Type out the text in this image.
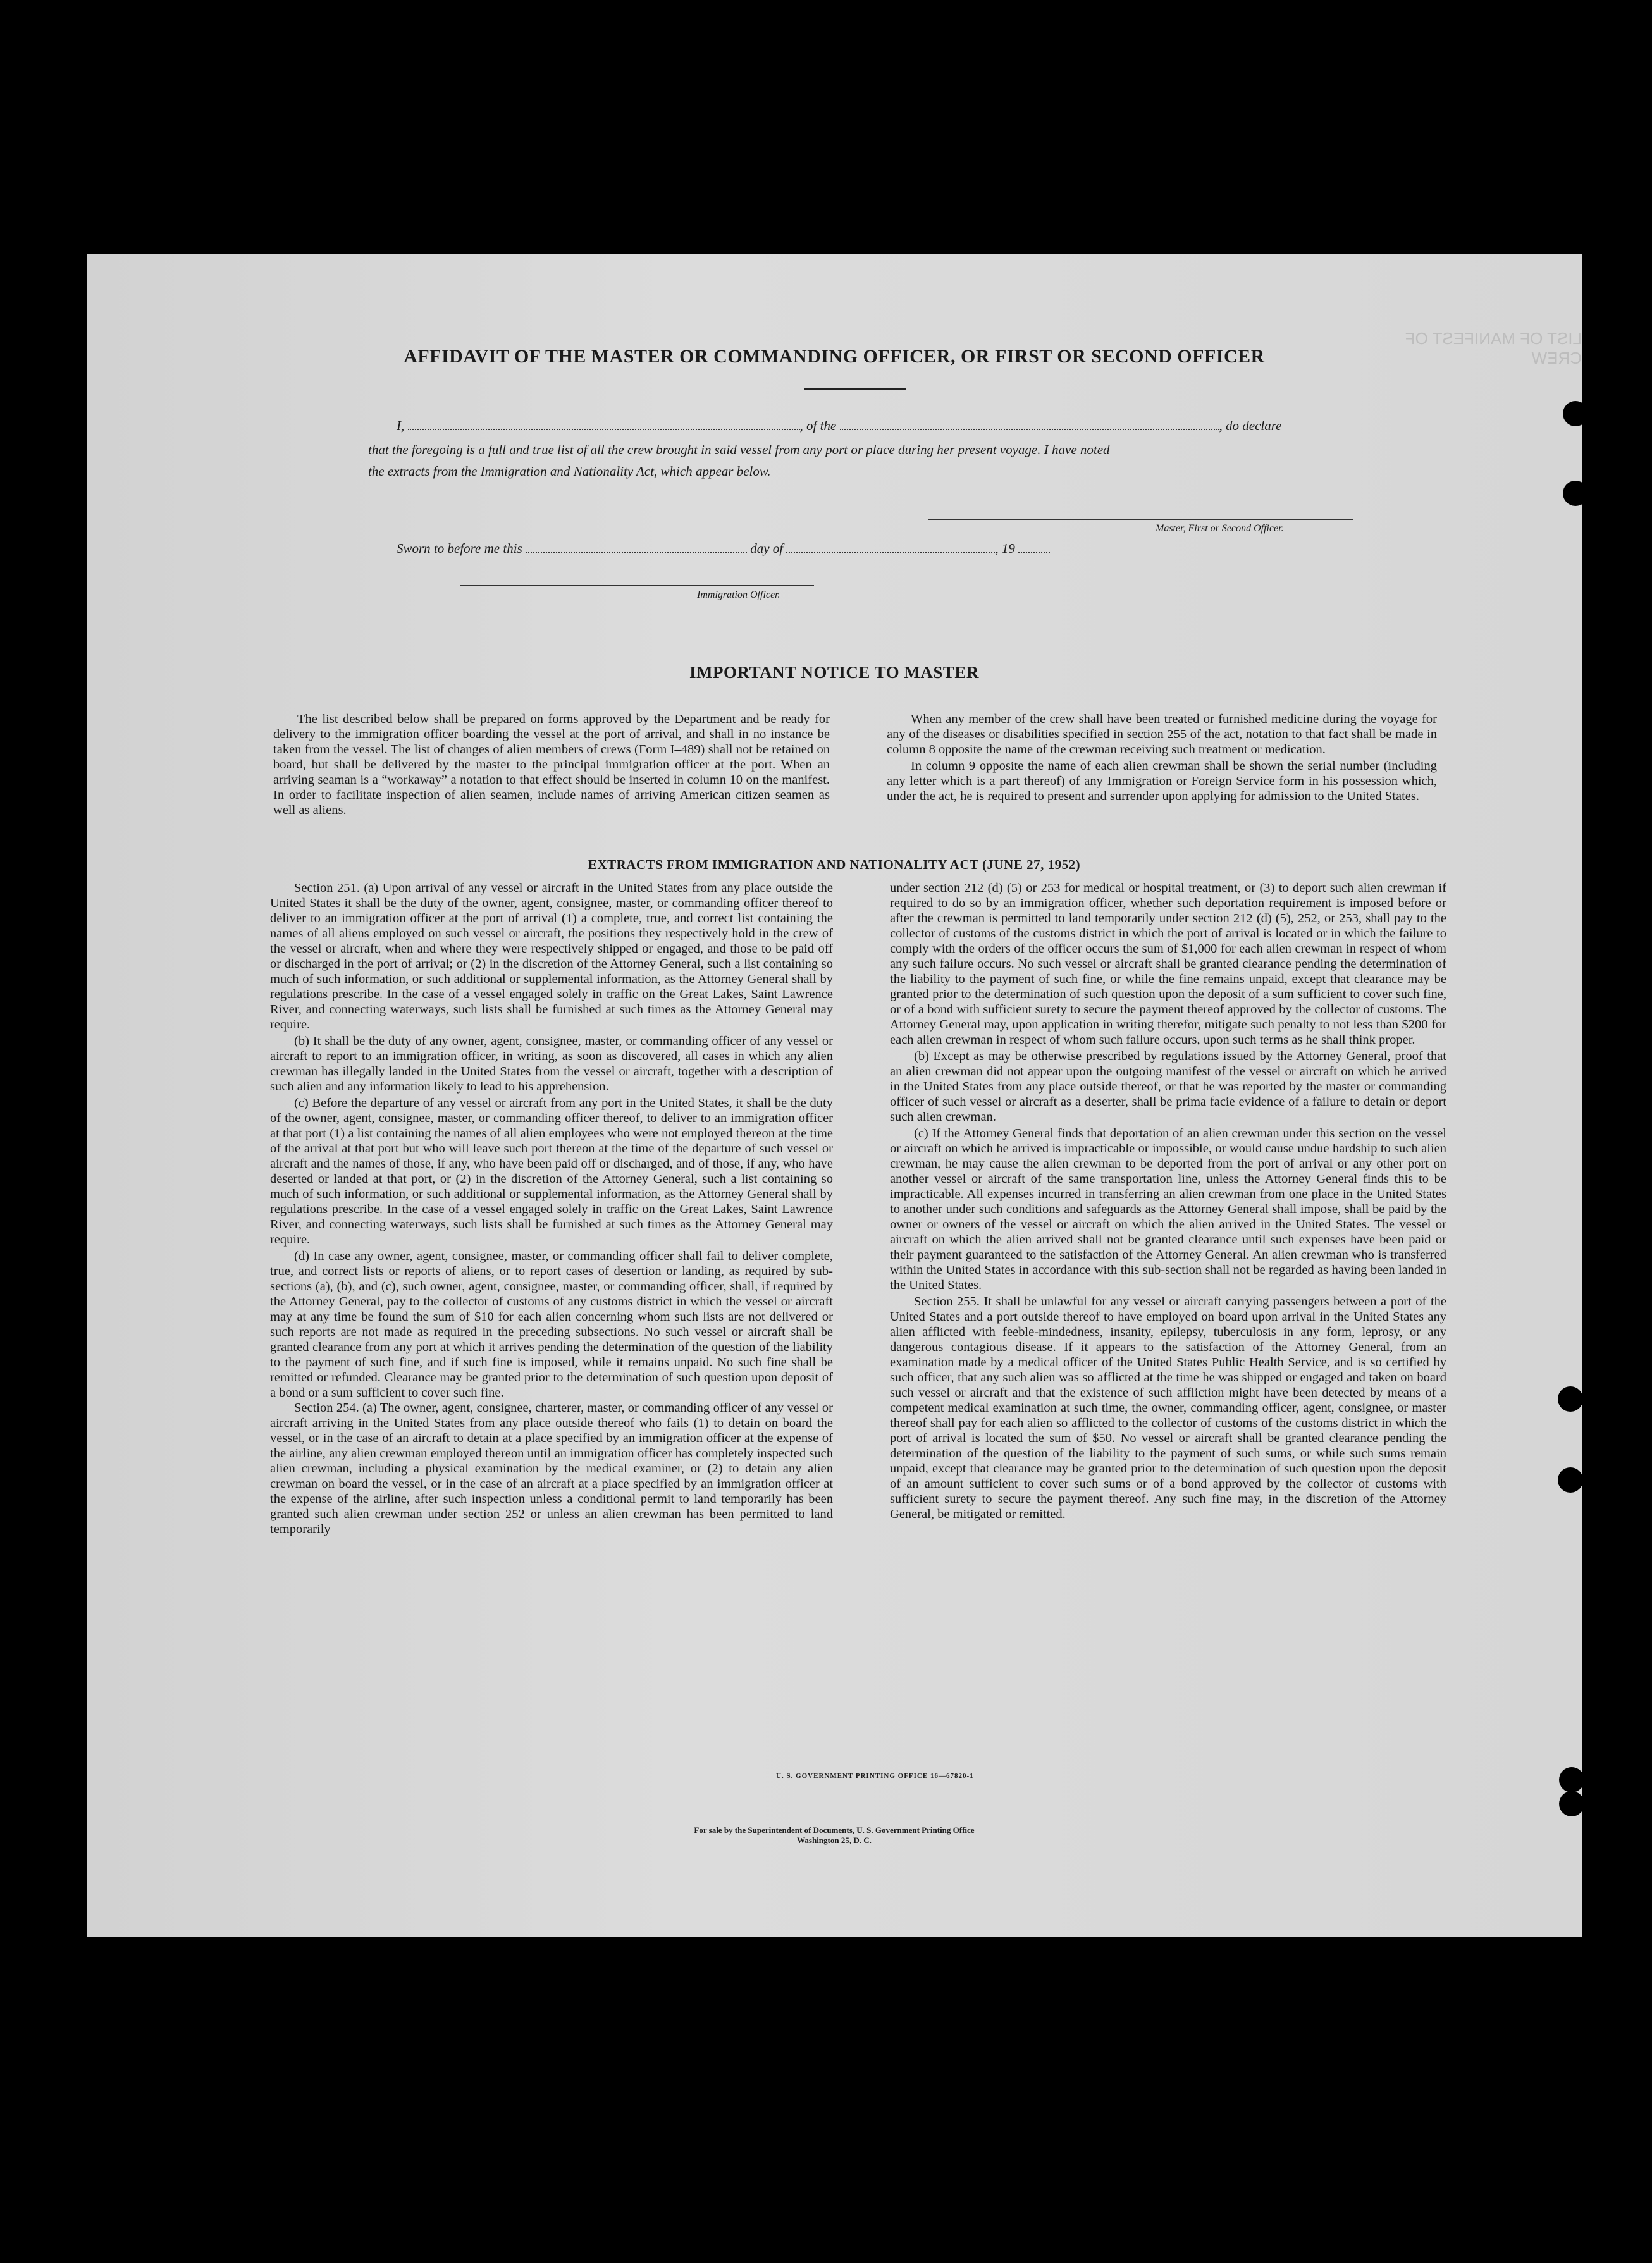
LIST OF MANIFEST OF CREW
AFFIDAVIT OF THE MASTER OR COMMANDING OFFICER, OR FIRST OR SECOND OFFICER
I,	, of the	, do declare
that the foregoing is a full and true list of all the crew brought in said vessel from any port or place during her present voyage. I have noted
the extracts from the Immigration and Nationality Act, which appear below.
Master, First or Second Officer.
Sworn to before me this	day of	, 19
Immigration Officer.
IMPORTANT NOTICE TO MASTER

The list described below shall be prepared on forms approved by the Department and be ready for delivery to the immigration officer boarding the vessel at the port of arrival, and shall in no instance be taken from the vessel. The list of changes of alien members of crews (Form I–489) shall not be retained on board, but shall be delivered by the master to the principal immigration officer at the port. When an arriving seaman is a “workaway” a notation to that effect should be inserted in column 10 on the manifest. In order to facilitate inspection of alien seamen, include names of arriving American citizen seamen as well as aliens.

When any member of the crew shall have been treated or furnished medicine during the voyage for any of the diseases or disabilities specified in section 255 of the act, notation to that fact shall be made in column 8 opposite the name of the crewman receiving such treatment or medication.

In column 9 opposite the name of each alien crewman shall be shown the serial number (including any letter which is a part thereof) of any Immigration or Foreign Service form in his possession which, under the act, he is required to present and surrender upon applying for admission to the United States.

EXTRACTS FROM IMMIGRATION AND NATIONALITY ACT (JUNE 27, 1952)

Section 251. (a) Upon arrival of any vessel or aircraft in the United States from any place outside the United States it shall be the duty of the owner, agent, consignee, master, or commanding officer thereof to deliver to an immigration officer at the port of arrival (1) a complete, true, and correct list containing the names of all aliens employed on such vessel or aircraft, the positions they respectively hold in the crew of the vessel or aircraft, when and where they were respectively shipped or engaged, and those to be paid off or discharged in the port of arrival; or (2) in the discretion of the Attorney General, such a list containing so much of such information, or such additional or supplemental information, as the Attorney General shall by regulations prescribe. In the case of a vessel engaged solely in traffic on the Great Lakes, Saint Lawrence River, and connecting waterways, such lists shall be furnished at such times as the Attorney General may require.

(b) It shall be the duty of any owner, agent, consignee, master, or commanding officer of any vessel or aircraft to report to an immigration officer, in writing, as soon as discovered, all cases in which any alien crewman has illegally landed in the United States from the vessel or aircraft, together with a description of such alien and any information likely to lead to his apprehension.

(c) Before the departure of any vessel or aircraft from any port in the United States, it shall be the duty of the owner, agent, consignee, master, or commanding officer thereof, to deliver to an immigration officer at that port (1) a list containing the names of all alien employees who were not employed thereon at the time of the arrival at that port but who will leave such port thereon at the time of the departure of such vessel or aircraft and the names of those, if any, who have been paid off or discharged, and of those, if any, who have deserted or landed at that port, or (2) in the discretion of the Attorney General, such a list containing so much of such information, or such additional or supplemental information, as the Attorney General shall by regulations prescribe. In the case of a vessel engaged solely in traffic on the Great Lakes, Saint Lawrence River, and connecting waterways, such lists shall be furnished at such times as the Attorney General may require.

(d) In case any owner, agent, consignee, master, or commanding officer shall fail to deliver complete, true, and correct lists or reports of aliens, or to report cases of desertion or landing, as required by sub-sections (a), (b), and (c), such owner, agent, consignee, master, or commanding officer, shall, if required by the Attorney General, pay to the collector of customs of any customs district in which the vessel or aircraft may at any time be found the sum of $10 for each alien concerning whom such lists are not delivered or such reports are not made as required in the preceding subsections. No such vessel or aircraft shall be granted clearance from any port at which it arrives pending the determination of the question of the liability to the payment of such fine, and if such fine is imposed, while it remains unpaid. No such fine shall be remitted or refunded. Clearance may be granted prior to the determination of such question upon deposit of a bond or a sum sufficient to cover such fine.

Section 254. (a) The owner, agent, consignee, charterer, master, or commanding officer of any vessel or aircraft arriving in the United States from any place outside thereof who fails (1) to detain on board the vessel, or in the case of an aircraft to detain at a place specified by an immigration officer at the expense of the airline, any alien crewman employed thereon until an immigration officer has completely inspected such alien crewman, including a physical examination by the medical examiner, or (2) to detain any alien crewman on board the vessel, or in the case of an aircraft at a place specified by an immigration officer at the expense of the airline, after such inspection unless a conditional permit to land temporarily has been granted such alien crewman under section 252 or unless an alien crewman has been permitted to land temporarily

under section 212 (d) (5) or 253 for medical or hospital treatment, or (3) to deport such alien crewman if required to do so by an immigration officer, whether such deportation requirement is imposed before or after the crewman is permitted to land temporarily under section 212 (d) (5), 252, or 253, shall pay to the collector of customs of the customs district in which the port of arrival is located or in which the failure to comply with the orders of the officer occurs the sum of $1,000 for each alien crewman in respect of whom any such failure occurs. No such vessel or aircraft shall be granted clearance pending the determination of the liability to the payment of such fine, or while the fine remains unpaid, except that clearance may be granted prior to the determination of such question upon the deposit of a sum sufficient to cover such fine, or of a bond with sufficient surety to secure the payment thereof approved by the collector of customs. The Attorney General may, upon application in writing therefor, mitigate such penalty to not less than $200 for each alien crewman in respect of whom such failure occurs, upon such terms as he shall think proper.

(b) Except as may be otherwise prescribed by regulations issued by the Attorney General, proof that an alien crewman did not appear upon the outgoing manifest of the vessel or aircraft on which he arrived in the United States from any place outside thereof, or that he was reported by the master or commanding officer of such vessel or aircraft as a deserter, shall be prima facie evidence of a failure to detain or deport such alien crewman.

(c) If the Attorney General finds that deportation of an alien crewman under this section on the vessel or aircraft on which he arrived is impracticable or impossible, or would cause undue hardship to such alien crewman, he may cause the alien crewman to be deported from the port of arrival or any other port on another vessel or aircraft of the same transportation line, unless the Attorney General finds this to be impracticable. All expenses incurred in transferring an alien crewman from one place in the United States to another under such conditions and safeguards as the Attorney General shall impose, shall be paid by the owner or owners of the vessel or aircraft on which the alien arrived in the United States. The vessel or aircraft on which the alien arrived shall not be granted clearance until such expenses have been paid or their payment guaranteed to the satisfaction of the Attorney General. An alien crewman who is transferred within the United States in accordance with this sub-section shall not be regarded as having been landed in the United States.

Section 255. It shall be unlawful for any vessel or aircraft carrying passengers between a port of the United States and a port outside thereof to have employed on board upon arrival in the United States any alien afflicted with feeble-mindedness, insanity, epilepsy, tuberculosis in any form, leprosy, or any dangerous contagious disease. If it appears to the satisfaction of the Attorney General, from an examination made by a medical officer of the United States Public Health Service, and is so certified by such officer, that any such alien was so afflicted at the time he was shipped or engaged and taken on board such vessel or aircraft and that the existence of such affliction might have been detected by means of a competent medical examination at such time, the owner, commanding officer, agent, consignee, or master thereof shall pay for each alien so afflicted to the collector of customs of the customs district in which the port of arrival is located the sum of $50. No vessel or aircraft shall be granted clearance pending the determination of the question of the liability to the payment of such sums, or while such sums remain unpaid, except that clearance may be granted prior to the determination of such question upon the deposit of an amount sufficient to cover such sums or of a bond approved by the collector of customs with sufficient surety to secure the payment thereof. Any such fine may, in the discretion of the Attorney General, be mitigated or remitted.

U. S. GOVERNMENT PRINTING OFFICE 16—67820-1
For sale by the Superintendent of Documents, U. S. Government Printing Office
Washington 25, D. C.
